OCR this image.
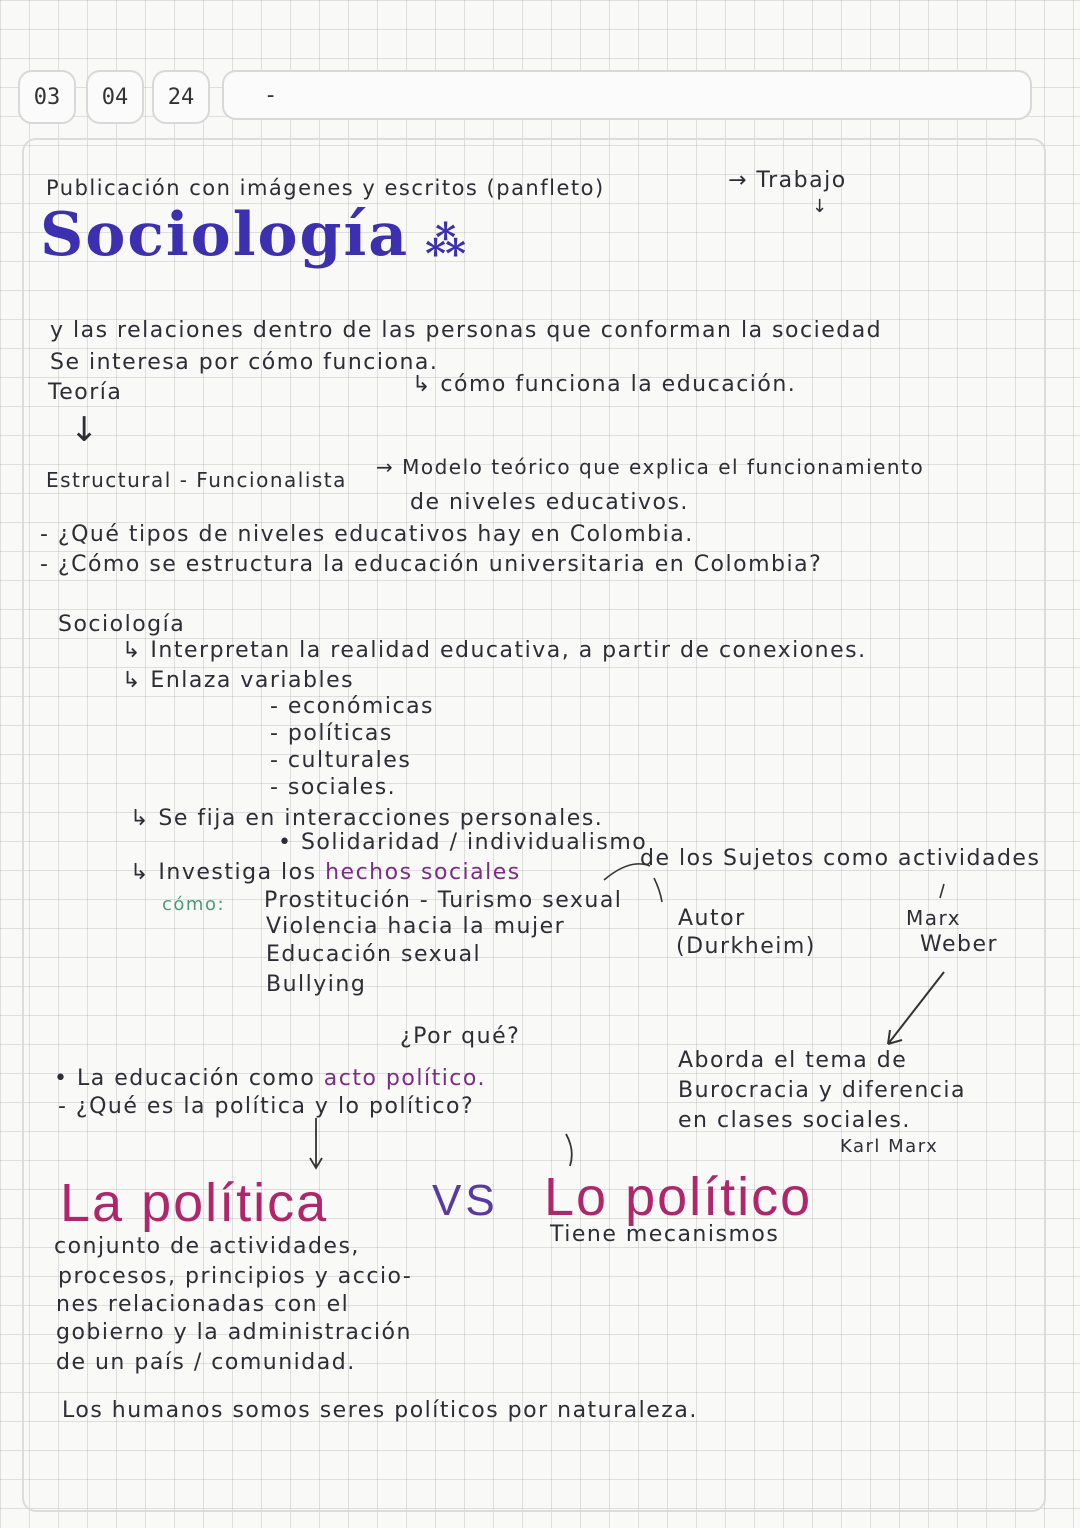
03 04 24	-
Publicación con imágenes y escritos (panfleto)	→ Trabajo
↓
Sociología ⁂
y las relaciones dentro de las personas que conforman la sociedad
Se interesa por cómo funciona.
Teoría	↳ cómo funciona la educación.
↓
Estructural - Funcionalista
→ Modelo teórico que explica el funcionamiento
de niveles educativos.
- ¿Qué tipos de niveles educativos hay en Colombia.
- ¿Cómo se estructura la educación universitaria en Colombia?
Sociología
↳ Interpretan la realidad educativa, a partir de conexiones.
↳ Enlaza variables
- económicas
- políticas
- culturales
- sociales.
↳ Se fija en interacciones personales.
• Solidaridad / individualismo
↳ Investiga los hechos sociales
de los Sujetos como actividades
cómo: Prostitución - Turismo sexual
Violencia hacia la mujer
Educación sexual
Bullying
Autor
(Durkheim)
Marx
Weber
¿Por qué?
• La educación como acto político.
- ¿Qué es la política y lo político?
Aborda el tema de
Burocracia y diferencia
en clases sociales.
Karl Marx
La política VS Lo político
Tiene mecanismos
conjunto de actividades,
procesos, principios y accio-
nes relacionadas con el
gobierno y la administración
de un país / comunidad.
Los humanos somos seres políticos por naturaleza.
